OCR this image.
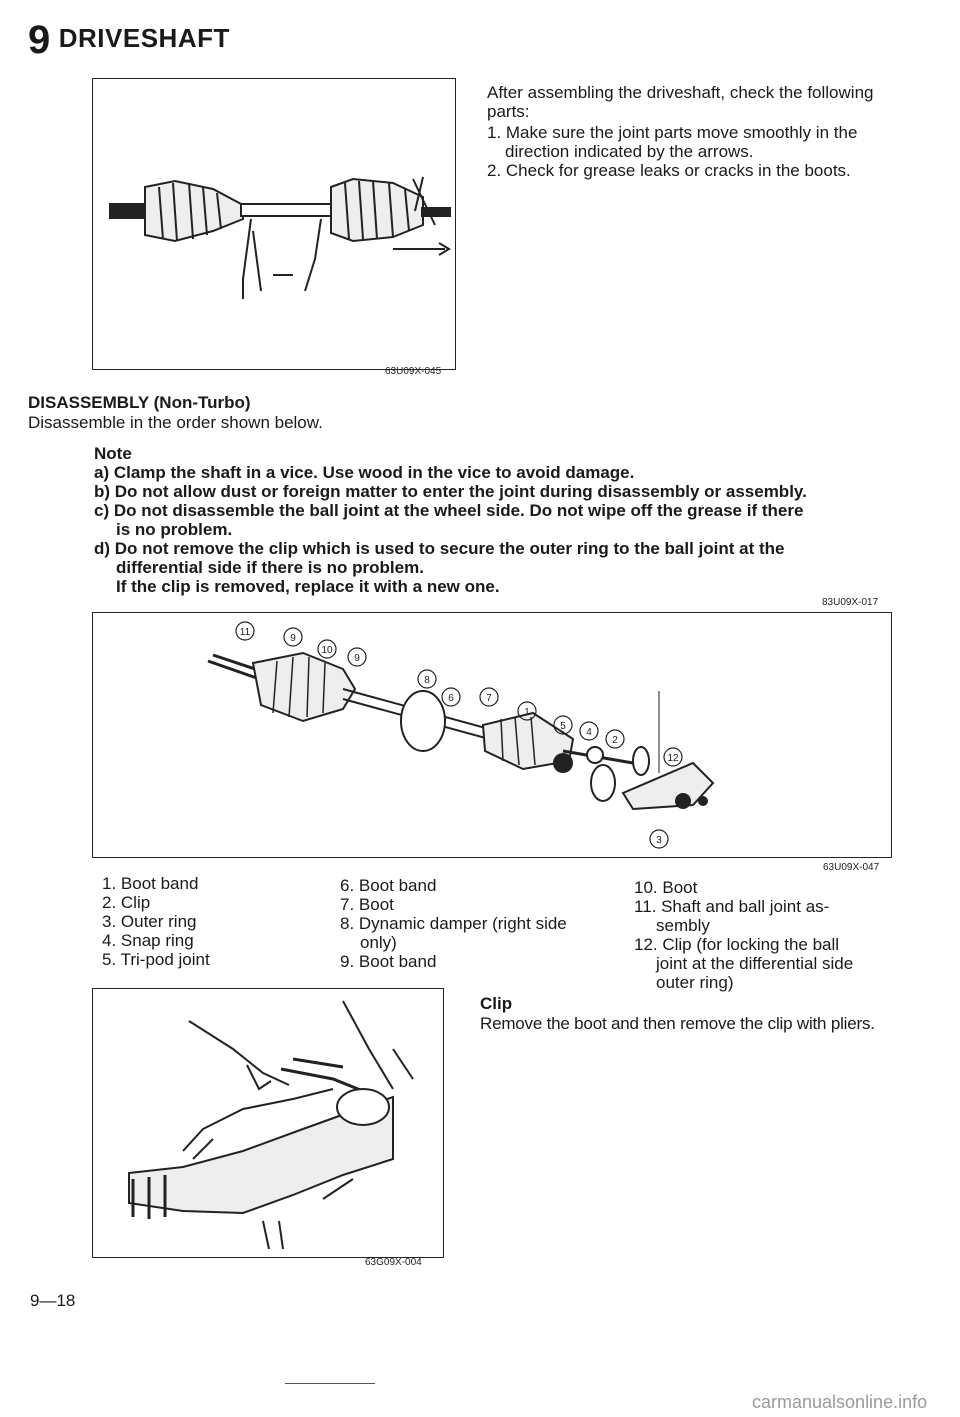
9 DRIVESHAFT
63U09X-045

After assembling the driveshaft, check the following parts:

1. Make sure the joint parts move smoothly in the

direction indicated by the arrows.

2. Check for grease leaks or cracks in the boots.

DISASSEMBLY (Non-Turbo)
Disassemble in the order shown below.

Note

a) Clamp the shaft in a vice. Use wood in the vice to avoid damage.

b) Do not allow dust or foreign matter to enter the joint during disassembly or assembly.

c) Do not disassemble the ball joint at the wheel side. Do not wipe off the grease if there

is no problem.

d) Do not remove the clip which is used to secure the outer ring to the ball joint at the

differential side if there is no problem.

If the clip is removed, replace it with a new one.

83U09X-017
11
9
10
9
8
6	7
1
5
4
2
12
3
63U09X-047
1. Boot band
2. Clip
3. Outer ring
4. Snap ring
5. Tri-pod joint
6. Boot band
7. Boot
8. Dynamic damper (right side
only)
9. Boot band
10. Boot
11. Shaft and ball joint as-
sembly
12. Clip (for locking the ball
joint at the differential side
outer ring)
63G09X-004
Clip
Remove the boot and then remove the clip with pliers.
9—18
carmanualsonline.info
